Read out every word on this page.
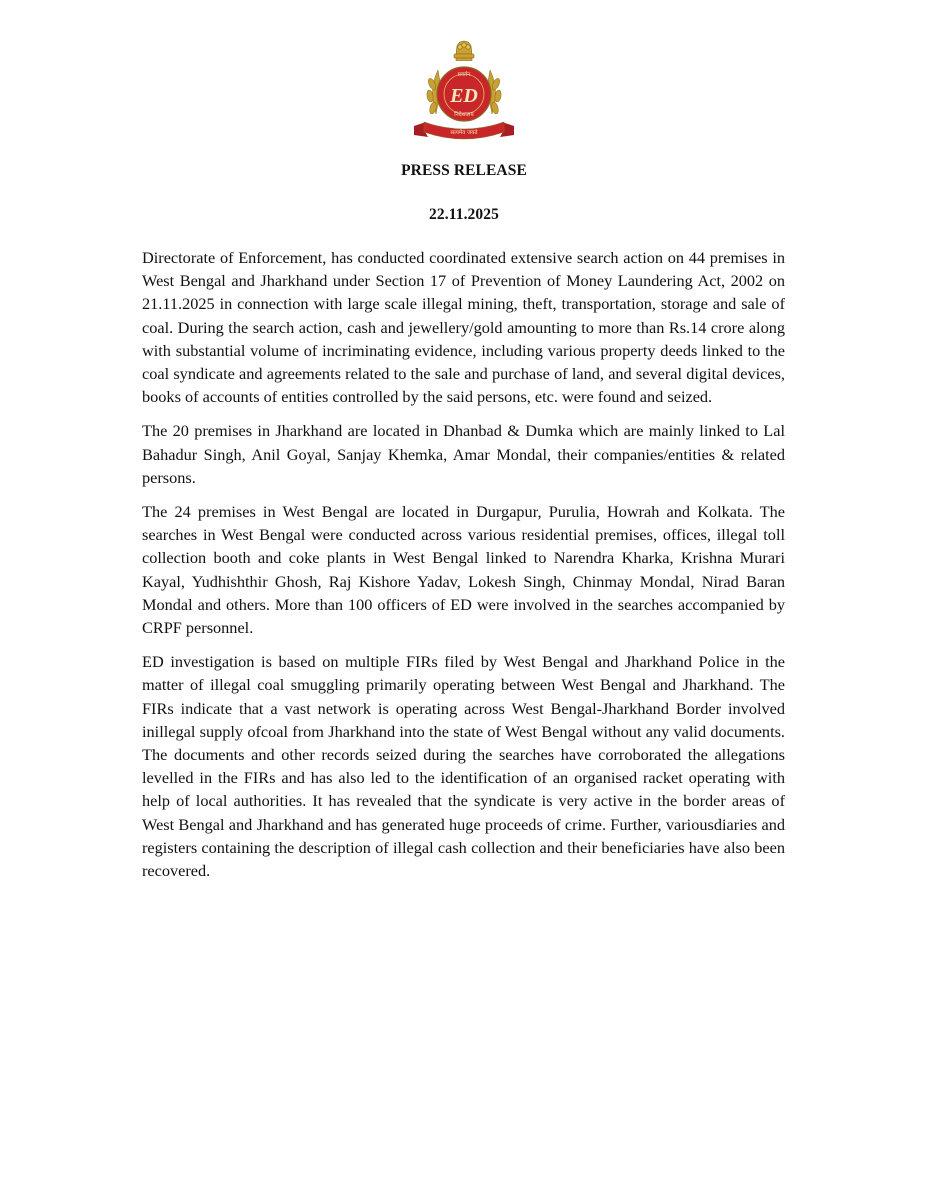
प्रवर्तन
ED
निदेशालय
सत्यमेव जयते
PRESS RELEASE
22.11.2025

Directorate of Enforcement, has conducted coordinated extensive search action on 44 premises in West Bengal and Jharkhand under Section 17 of Prevention of Money Laundering Act, 2002 on 21.11.2025 in connection with large scale illegal mining, theft, transportation, storage and sale of coal. During the search action, cash and jewellery/gold amounting to more than Rs.14 crore along with substantial volume of incriminating evidence, including various property deeds linked to the coal syndicate and agreements related to the sale and purchase of land, and several digital devices, books of accounts of entities controlled by the said persons, etc. were found and seized.

The 20 premises in Jharkhand are located in Dhanbad & Dumka which are mainly linked to Lal Bahadur Singh, Anil Goyal, Sanjay Khemka, Amar Mondal, their companies/entities & related persons.

The 24 premises in West Bengal are located in Durgapur, Purulia, Howrah and Kolkata. The searches in West Bengal were conducted across various residential premises, offices, illegal toll collection booth and coke plants in West Bengal linked to Narendra Kharka, Krishna Murari Kayal, Yudhishthir Ghosh, Raj Kishore Yadav, Lokesh Singh, Chinmay Mondal, Nirad Baran Mondal and others. More than 100 officers of ED were involved in the searches accompanied by CRPF personnel.

ED investigation is based on multiple FIRs filed by West Bengal and Jharkhand Police in the matter of illegal coal smuggling primarily operating between West Bengal and Jharkhand. The FIRs indicate that a vast network is operating across West Bengal-Jharkhand Border involved inillegal supply ofcoal from Jharkhand into the state of West Bengal without any valid documents. The documents and other records seized during the searches have corroborated the allegations levelled in the FIRs and has also led to the identification of an organised racket operating with help of local authorities. It has revealed that the syndicate is very active in the border areas of West Bengal and Jharkhand and has generated huge proceeds of crime. Further, variousdiaries and registers containing the description of illegal cash collection and their beneficiaries have also been recovered.
